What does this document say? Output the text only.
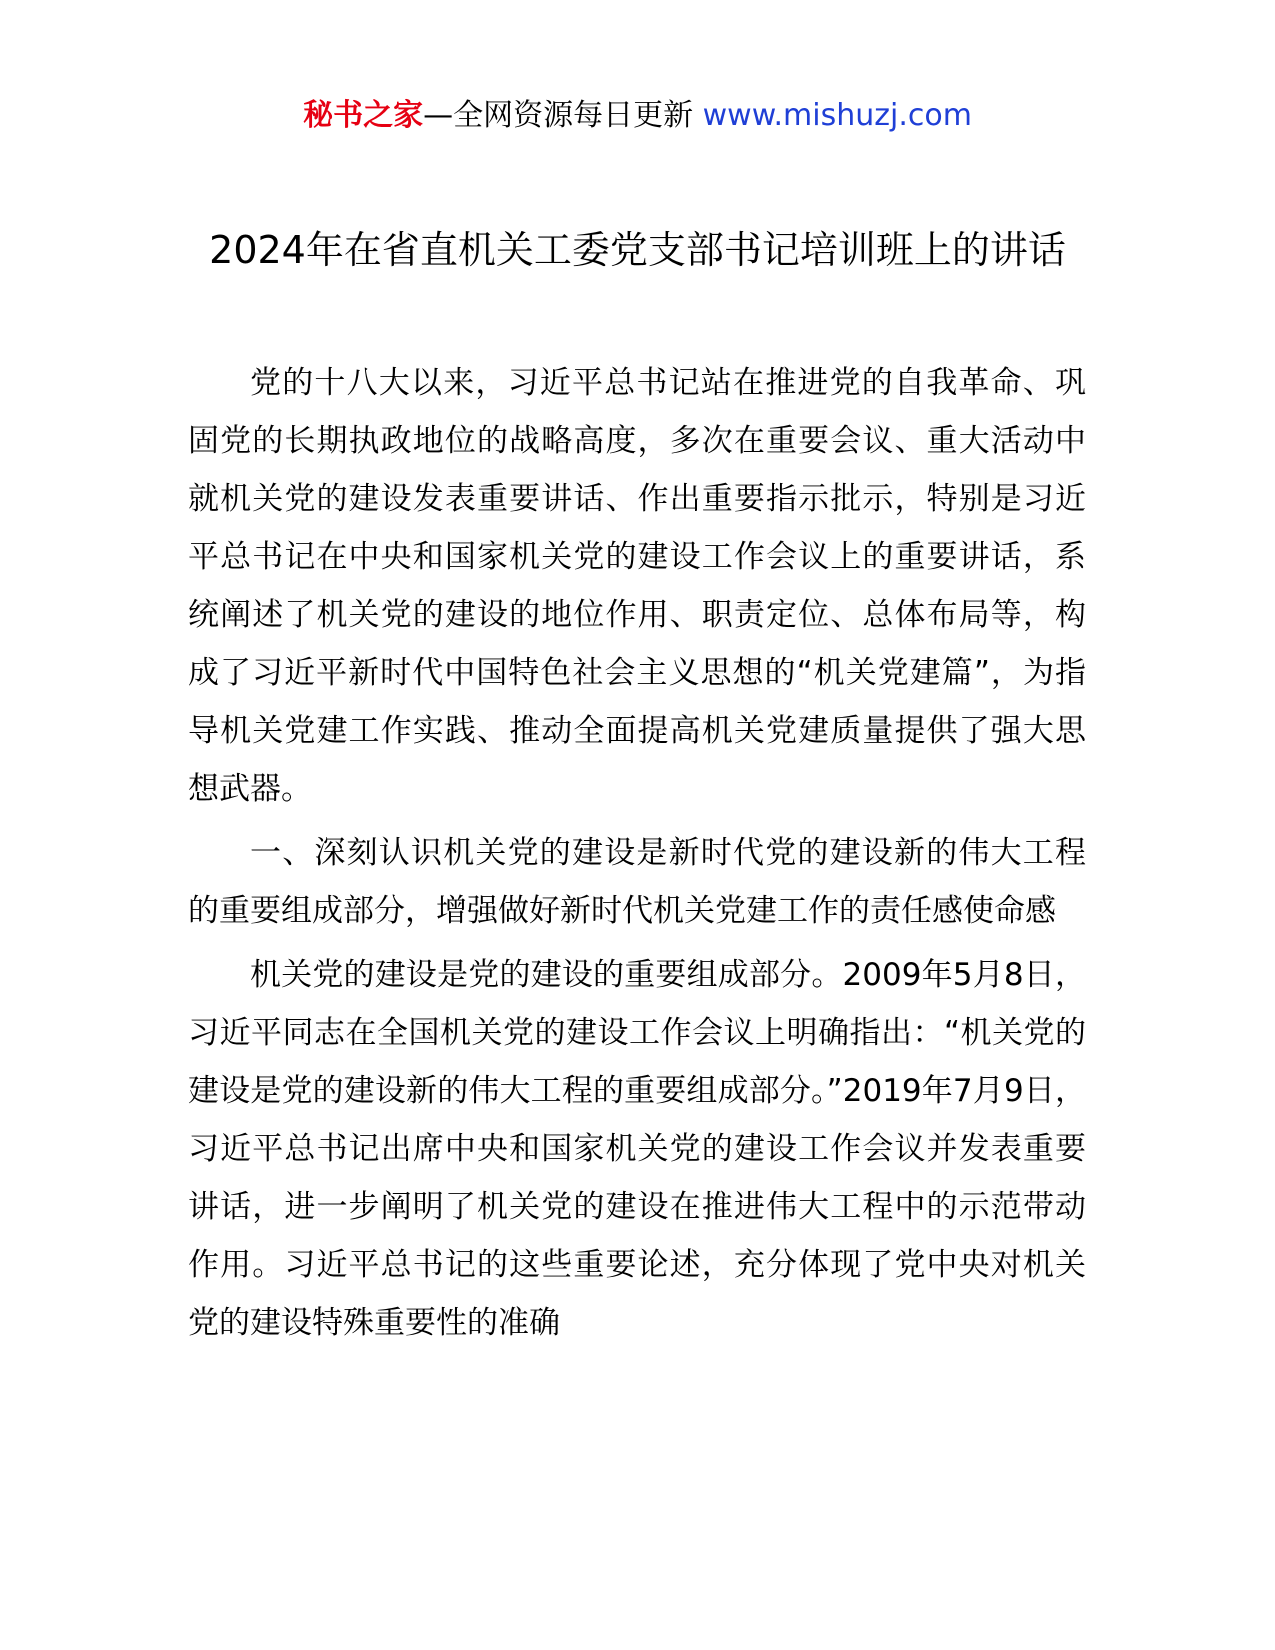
秘书之家—全网资源每日更新 www.mishuzj.com
2024年在省直机关工委党支部书记培训班上的讲话

党的十八大以来，习近平总书记站在推进党的自我革命、巩固党的长期执政地位的战略高度，多次在重要会议、重大活动中就机关党的建设发表重要讲话、作出重要指示批示，特别是习近平总书记在中央和国家机关党的建设工作会议上的重要讲话，系统阐述了机关党的建设的地位作用、职责定位、总体布局等，构成了习近平新时代中国特色社会主义思想的“机关党建篇”，为指导机关党建工作实践、推动全面提高机关党建质量提供了强大思想武器。

一、深刻认识机关党的建设是新时代党的建设新的伟大工程的重要组成部分，增强做好新时代机关党建工作的责任感使命感

机关党的建设是党的建设的重要组成部分。2009年5月8日，习近平同志在全国机关党的建设工作会议上明确指出：“机关党的建设是党的建设新的伟大工程的重要组成部分。”2019年7月9日，习近平总书记出席中央和国家机关党的建设工作会议并发表重要讲话，进一步阐明了机关党的建设在推进伟大工程中的示范带动作用。习近平总书记的这些重要论述，充分体现了党中央对机关党的建设特殊重要性的准确
